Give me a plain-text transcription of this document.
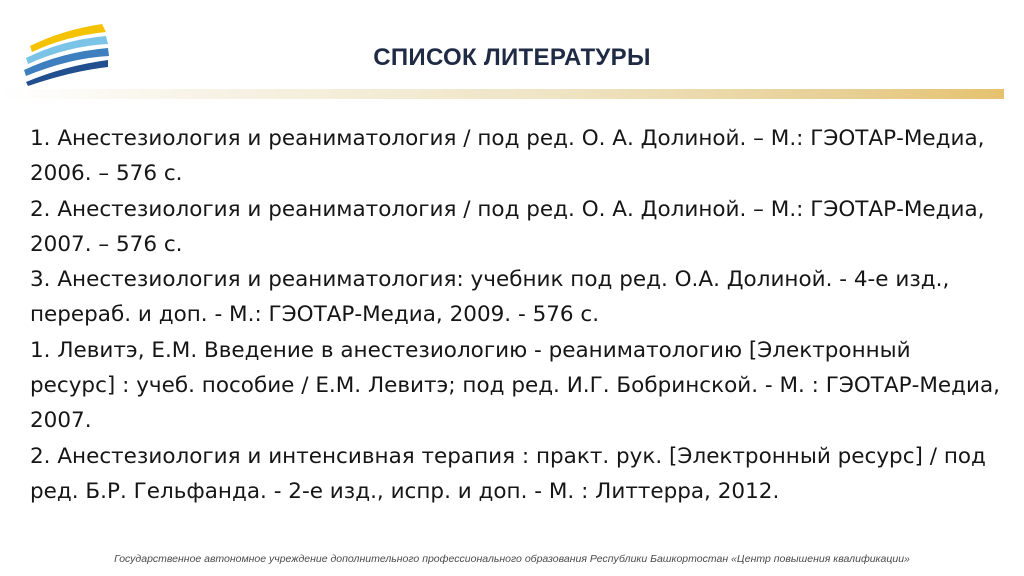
СПИСОК ЛИТЕРАТУРЫ
1. Анестезиология и реаниматология / под ред. О. А. Долиной. – М.: ГЭОТАР-Медиа, 2006. – 576 с.
2. Анестезиология и реаниматология / под ред. О. А. Долиной. – М.: ГЭОТАР-Медиа, 2007. – 576 с.
3. Анестезиология и реаниматология: учебник под ред. О.А. Долиной. - 4-е изд., перераб. и доп. - М.: ГЭОТАР-Медиа, 2009. - 576 с.
1. Левитэ, Е.М. Введение в анестезиологию - реаниматологию [Электронный ресурс] : учеб. пособие / Е.М. Левитэ; под ред. И.Г. Бобринской. - М. : ГЭОТАР-Медиа, 2007.
2. Анестезиология и интенсивная терапия : практ. рук. [Электронный ресурс] / под ред. Б.Р. Гельфанда. - 2-е изд., испр. и доп. - М. : Литтерра, 2012.
Государственное автономное учреждение дополнительного профессионального образования Республики Башкортостан «Центр повышения квалификации»
